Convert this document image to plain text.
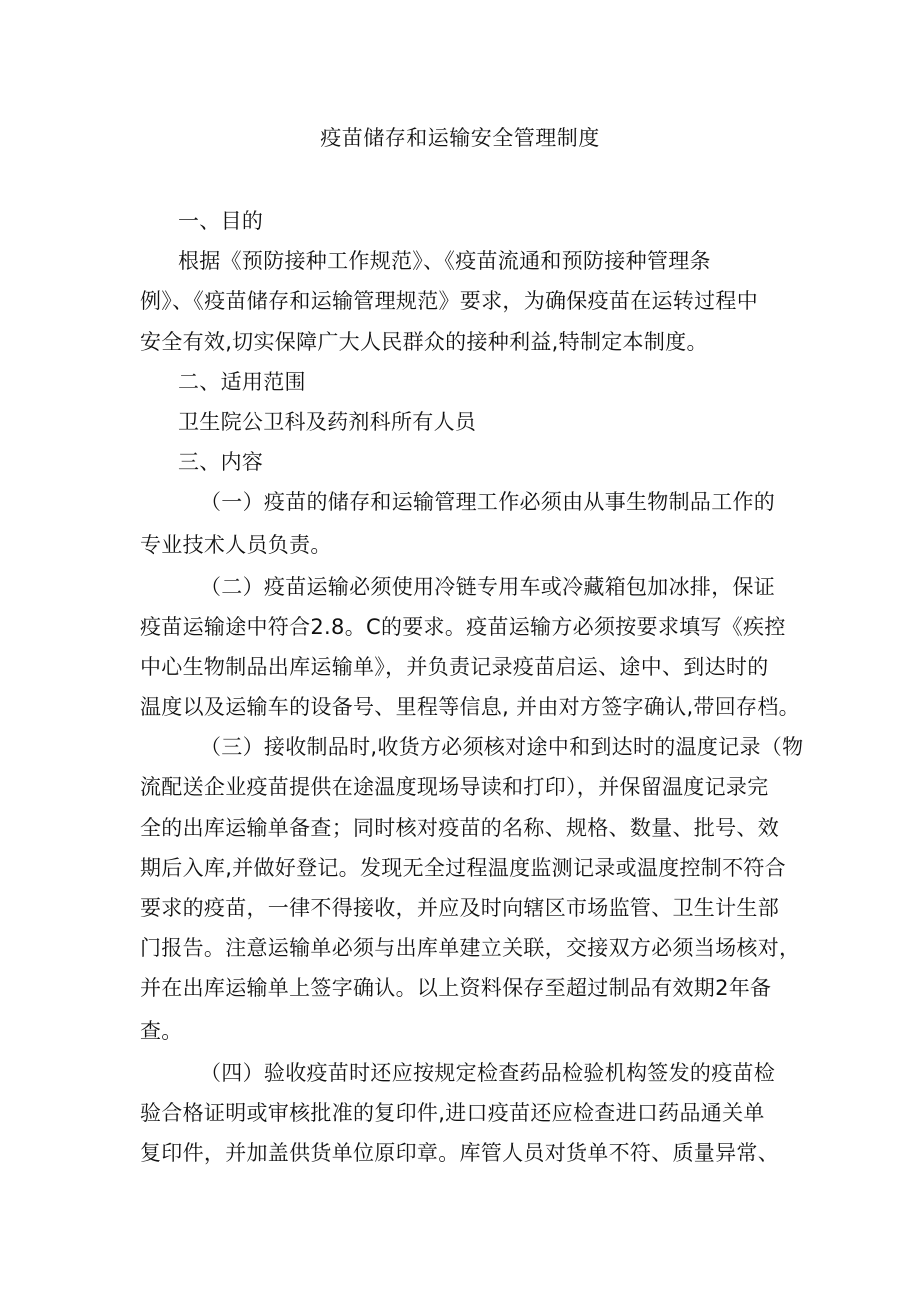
疫苗储存和运输安全管理制度
一、目的
根据《预防接种工作规范》、《疫苗流通和预防接种管理条
例》、《疫苗储存和运输管理规范》要求，为确保疫苗在运转过程中
安全有效,切实保障广大人民群众的接种利益,特制定本制度。
二、适用范围
卫生院公卫科及药剂科所有人员
三、内容
（一）疫苗的储存和运输管理工作必须由从事生物制品工作的
专业技术人员负责。
（二）疫苗运输必须使用冷链专用车或冷藏箱包加冰排，保证
疫苗运输途中符合2.8。C的要求。疫苗运输方必须按要求填写《疾控
中心生物制品出库运输单》，并负责记录疫苗启运、途中、到达时的
温度以及运输车的设备号、里程等信息, 并由对方签字确认,带回存档。
（三）接收制品时,收货方必须核对途中和到达时的温度记录（物
流配送企业疫苗提供在途温度现场导读和打印），并保留温度记录完
全的出库运输单备查；同时核对疫苗的名称、规格、数量、批号、效
期后入库,并做好登记。发现无全过程温度监测记录或温度控制不符合
要求的疫苗，一律不得接收，并应及时向辖区市场监管、卫生计生部
门报告。注意运输单必须与出库单建立关联，交接双方必须当场核对，
并在出库运输单上签字确认。以上资料保存至超过制品有效期2年备
查。
（四）验收疫苗时还应按规定检查药品检验机构签发的疫苗检
验合格证明或审核批准的复印件,进口疫苗还应检查进口药品通关单
复印件，并加盖供货单位原印章。库管人员对货单不符、质量异常、
